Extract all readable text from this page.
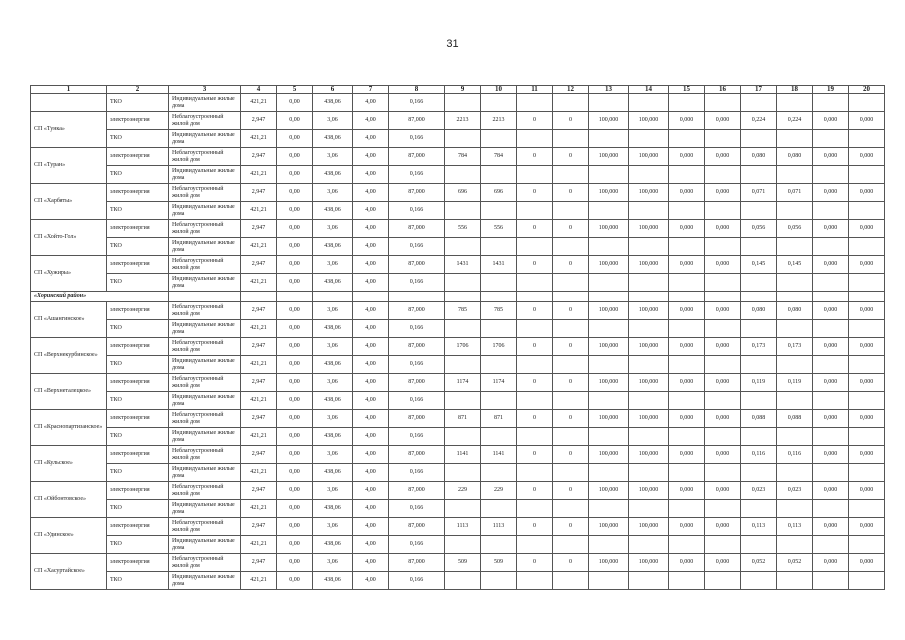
31
1	2	3	4	5	6	7	8	9	10	11	12	13	14	15	16	17	18	19	20
	ТКО	Индивидуальные жилые дома	421,21	0,00	438,06	4,00	0,166												
СП «Тунка»	электроэнергия	Неблагоустроенный жилой дом	2,947	0,00	3,06	4,00	87,000	2213	2213	0	0	100,000	100,000	0,000	0,000	0,224	0,224	0,000	0,000
	ТКО	Индивидуальные жилые дома	421,21	0,00	438,06	4,00	0,166												
СП «Туран»	электроэнергия	Неблагоустроенный жилой дом	2,947	0,00	3,06	4,00	87,000	784	784	0	0	100,000	100,000	0,000	0,000	0,080	0,080	0,000	0,000
	ТКО	Индивидуальные жилые дома	421,21	0,00	438,06	4,00	0,166												
СП «Харбяты»	электроэнергия	Неблагоустроенный жилой дом	2,947	0,00	3,06	4,00	87,000	696	696	0	0	100,000	100,000	0,000	0,000	0,071	0,071	0,000	0,000
	ТКО	Индивидуальные жилые дома	421,21	0,00	438,06	4,00	0,166												
СП «Хойто-Гол»	электроэнергия	Неблагоустроенный жилой дом	2,947	0,00	3,06	4,00	87,000	556	556	0	0	100,000	100,000	0,000	0,000	0,056	0,056	0,000	0,000
	ТКО	Индивидуальные жилые дома	421,21	0,00	438,06	4,00	0,166												
СП «Хужиры»	электроэнергия	Неблагоустроенный жилой дом	2,947	0,00	3,06	4,00	87,000	1431	1431	0	0	100,000	100,000	0,000	0,000	0,145	0,145	0,000	0,000
	ТКО	Индивидуальные жилые дома	421,21	0,00	438,06	4,00	0,166												
«Хоринский район»																			
СП «Ашангинское»	электроэнергия	Неблагоустроенный жилой дом	2,947	0,00	3,06	4,00	87,000	785	785	0	0	100,000	100,000	0,000	0,000	0,080	0,080	0,000	0,000
	ТКО	Индивидуальные жилые дома	421,21	0,00	438,06	4,00	0,166												
СП «Верхнекурбинское»	электроэнергия	Неблагоустроенный жилой дом	2,947	0,00	3,06	4,00	87,000	1706	1706	0	0	100,000	100,000	0,000	0,000	0,173	0,173	0,000	0,000
	ТКО	Индивидуальные жилые дома	421,21	0,00	438,06	4,00	0,166												
СП «Верхнеталецкое»	электроэнергия	Неблагоустроенный жилой дом	2,947	0,00	3,06	4,00	87,000	1174	1174	0	0	100,000	100,000	0,000	0,000	0,119	0,119	0,000	0,000
	ТКО	Индивидуальные жилые дома	421,21	0,00	438,06	4,00	0,166												
СП «Краснопартизанское»	электроэнергия	Неблагоустроенный жилой дом	2,947	0,00	3,06	4,00	87,000	871	871	0	0	100,000	100,000	0,000	0,000	0,088	0,088	0,000	0,000
	ТКО	Индивидуальные жилые дома	421,21	0,00	438,06	4,00	0,166												
СП «Кульское»	электроэнергия	Неблагоустроенный жилой дом	2,947	0,00	3,06	4,00	87,000	1141	1141	0	0	100,000	100,000	0,000	0,000	0,116	0,116	0,000	0,000
	ТКО	Индивидуальные жилые дома	421,21	0,00	438,06	4,00	0,166												
СП «Ойбонтовское»	электроэнергия	Неблагоустроенный жилой дом	2,947	0,00	3,06	4,00	87,000	229	229	0	0	100,000	100,000	0,000	0,000	0,023	0,023	0,000	0,000
	ТКО	Индивидуальные жилые дома	421,21	0,00	438,06	4,00	0,166												
СП «Удинское»	электроэнергия	Неблагоустроенный жилой дом	2,947	0,00	3,06	4,00	87,000	1113	1113	0	0	100,000	100,000	0,000	0,000	0,113	0,113	0,000	0,000
	ТКО	Индивидуальные жилые дома	421,21	0,00	438,06	4,00	0,166												
СП «Хасуртайское»	электроэнергия	Неблагоустроенный жилой дом	2,947	0,00	3,06	4,00	87,000	509	509	0	0	100,000	100,000	0,000	0,000	0,052	0,052	0,000	0,000
	ТКО	Индивидуальные жилые дома	421,21	0,00	438,06	4,00	0,166												
